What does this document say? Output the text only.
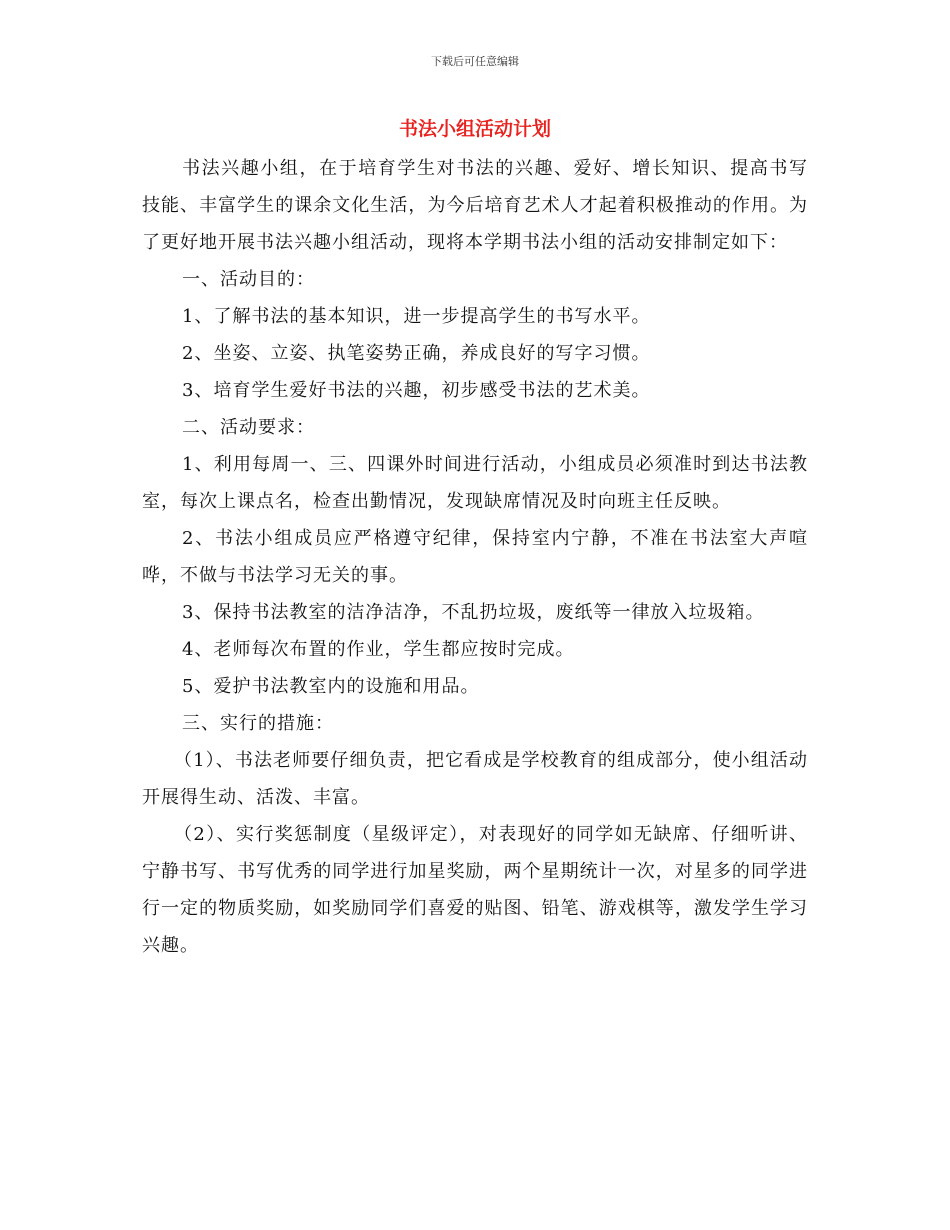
下载后可任意编辑
书法小组活动计划

书法兴趣小组，在于培育学生对书法的兴趣、爱好、增长知识、提高书写技能、丰富学生的课余文化生活，为今后培育艺术人才起着积极推动的作用。为了更好地开展书法兴趣小组活动，现将本学期书法小组的活动安排制定如下：

一、活动目的：

1、了解书法的基本知识，进一步提高学生的书写水平。

2、坐姿、立姿、执笔姿势正确，养成良好的写字习惯。

3、培育学生爱好书法的兴趣，初步感受书法的艺术美。

二、活动要求：

1、利用每周一、三、四课外时间进行活动，小组成员必须准时到达书法教室，每次上课点名，检查出勤情况，发现缺席情况及时向班主任反映。

2、书法小组成员应严格遵守纪律，保持室内宁静，不准在书法室大声喧哗，不做与书法学习无关的事。

3、保持书法教室的洁净洁净，不乱扔垃圾，废纸等一律放入垃圾箱。

4、老师每次布置的作业，学生都应按时完成。

5、爱护书法教室内的设施和用品。

三、实行的措施：

（1）、书法老师要仔细负责，把它看成是学校教育的组成部分，使小组活动开展得生动、活泼、丰富。

（2）、实行奖惩制度（星级评定），对表现好的同学如无缺席、仔细听讲、宁静书写、书写优秀的同学进行加星奖励，两个星期统计一次，对星多的同学进行一定的物质奖励，如奖励同学们喜爱的贴图、铅笔、游戏棋等，激发学生学习兴趣。
